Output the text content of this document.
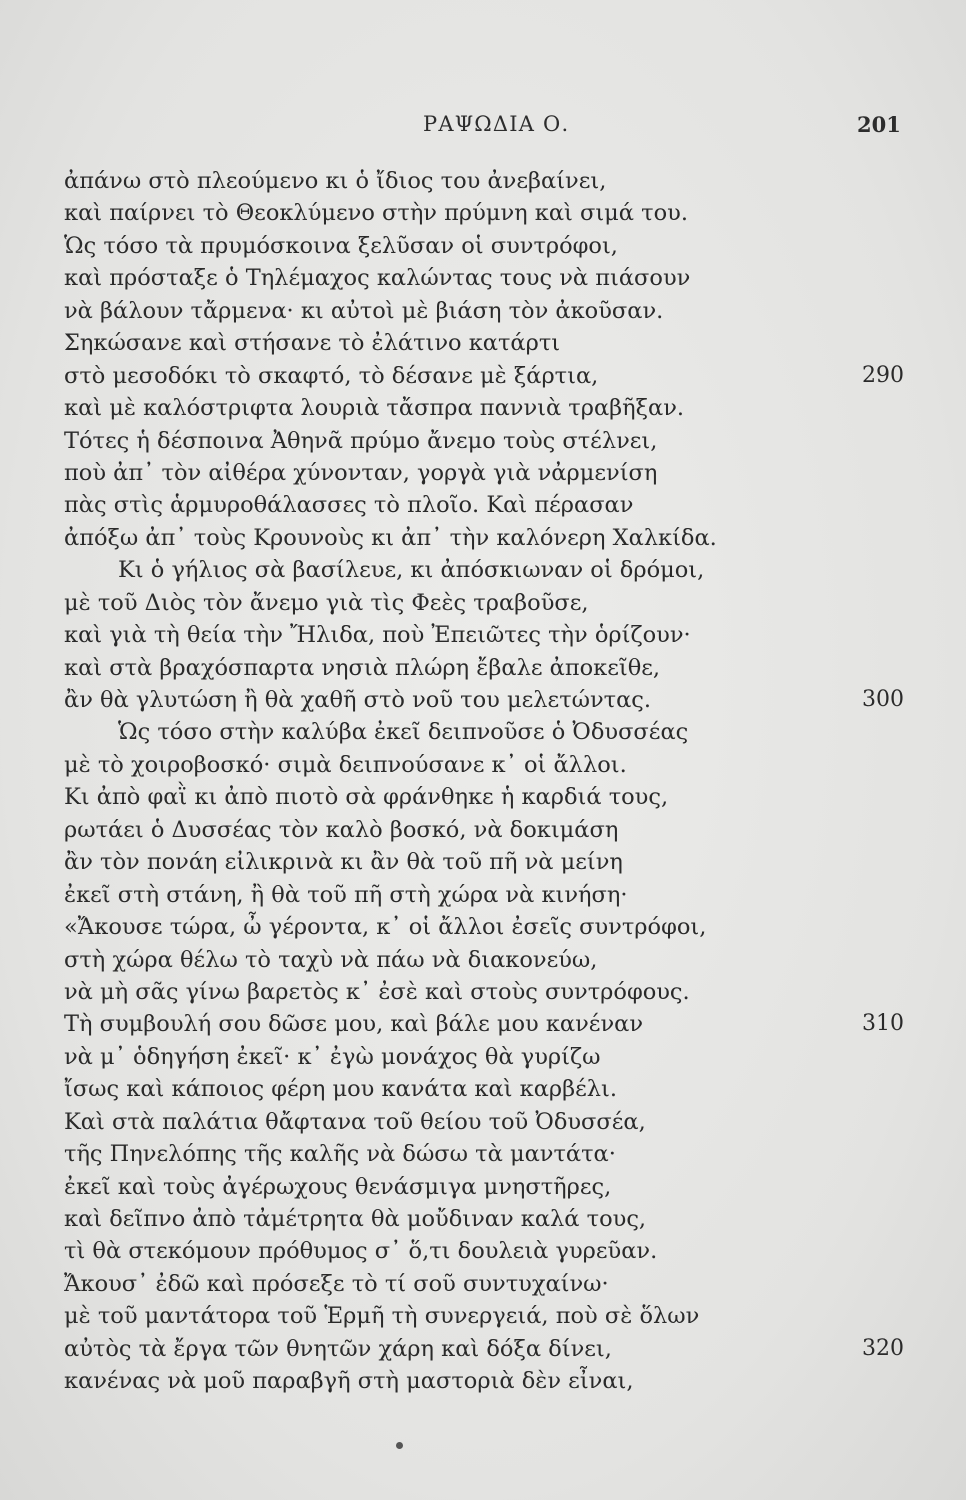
ΡΑΨΩΔΙΑ Ο.	201
ἀπάνω στὸ πλεούμενο κι ὁ ἴδιος του ἀνεβαίνει,
καὶ παίρνει τὸ Θεοκλύμενο στὴν πρύμνη καὶ σιμά του.
Ὡς τόσο τὰ πρυμόσκοινα ξελῦσαν οἱ συντρόφοι,
καὶ πρόσταξε ὁ Τηλέμαχος καλώντας τους νὰ πιάσουν
νὰ βάλουν τἄρμενα· κι αὐτοὶ μὲ βιάση τὸν ἀκοῦσαν.
Σηκώσανε καὶ στήσανε τὸ ἐλάτινο κατάρτι
στὸ μεσοδόκι τὸ σκαφτό, τὸ δέσανε μὲ ξάρτια,	290
καὶ μὲ καλόστριφτα λουριὰ τἄσπρα παννιὰ τραβῆξαν.
Τότες ἡ δέσποινα Ἀθηνᾶ πρύμο ἄνεμο τοὺς στέλνει,
ποὺ ἀπ᾽ τὸν αἰθέρα χύνονταν, γοργὰ γιὰ νἀρμενίση
πὰς στὶς ἁρμυροθάλασσες τὸ πλοῖο. Καὶ πέρασαν
ἀπόξω ἀπ᾽ τοὺς Κρουνοὺς κι ἀπ᾽ τὴν καλόνερη Χαλκίδα.
Κι ὁ γήλιος σὰ βασίλευε, κι ἀπόσκιωναν οἱ δρόμοι,
μὲ τοῦ Διὸς τὸν ἄνεμο γιὰ τὶς Φεὲς τραβοῦσε,
καὶ γιὰ τὴ θεία τὴν Ἤλιδα, ποὺ Ἐπειῶτες τὴν ὁρίζουν·
καὶ στὰ βραχόσπαρτα νησιὰ πλώρη ἔβαλε ἀποκεῖθε,
ἂν θὰ γλυτώση ἢ θὰ χαθῆ στὸ νοῦ του μελετώντας.	300
Ὡς τόσο στὴν καλύβα ἐκεῖ δειπνοῦσε ὁ Ὀδυσσέας
μὲ τὸ χοιροβοσκό· σιμὰ δειπνούσανε κ᾽ οἱ ἄλλοι.
Κι ἀπὸ φαῒ κι ἀπὸ πιοτὸ σὰ φράνθηκε ἡ καρδιά τους,
ρωτάει ὁ Δυσσέας τὸν καλὸ βοσκό, νὰ δοκιμάση
ἂν τὸν πονάη εἰλικρινὰ κι ἂν θὰ τοῦ πῆ νὰ μείνη
ἐκεῖ στὴ στάνη, ἢ θὰ τοῦ πῆ στὴ χώρα νὰ κινήση·
«Ἄκουσε τώρα, ὦ γέροντα, κ᾽ οἱ ἄλλοι ἐσεῖς συντρόφοι,
στὴ χώρα θέλω τὸ ταχὺ νὰ πάω νὰ διακονεύω,
νὰ μὴ σᾶς γίνω βαρετὸς κ᾽ ἐσὲ καὶ στοὺς συντρόφους.
Τὴ συμβουλή σου δῶσε μου, καὶ βάλε μου κανέναν	310
νὰ μ᾽ ὁδηγήση ἐκεῖ· κ᾽ ἐγὼ μονάχος θὰ γυρίζω
ἴσως καὶ κάποιος φέρη μου κανάτα καὶ καρβέλι.
Καὶ στὰ παλάτια θἄφτανα τοῦ θείου τοῦ Ὀδυσσέα,
τῆς Πηνελόπης τῆς καλῆς νὰ δώσω τὰ μαντάτα·
ἐκεῖ καὶ τοὺς ἀγέρωχους θενάσμιγα μνηστῆρες,
καὶ δεῖπνο ἀπὸ τἀμέτρητα θὰ μοὔδιναν καλά τους,
τὶ θὰ στεκόμουν πρόθυμος σ᾽ ὅ,τι δουλειὰ γυρεῦαν.
Ἄκουσ᾽ ἐδῶ καὶ πρόσεξε τὸ τί σοῦ συντυχαίνω·
μὲ τοῦ μαντάτορα τοῦ Ἑρμῆ τὴ συνεργειά, ποὺ σὲ ὅλων
αὐτὸς τὰ ἔργα τῶν θνητῶν χάρη καὶ δόξα δίνει,	320
κανένας νὰ μοῦ παραβγῆ στὴ μαστοριὰ δὲν εἶναι,
